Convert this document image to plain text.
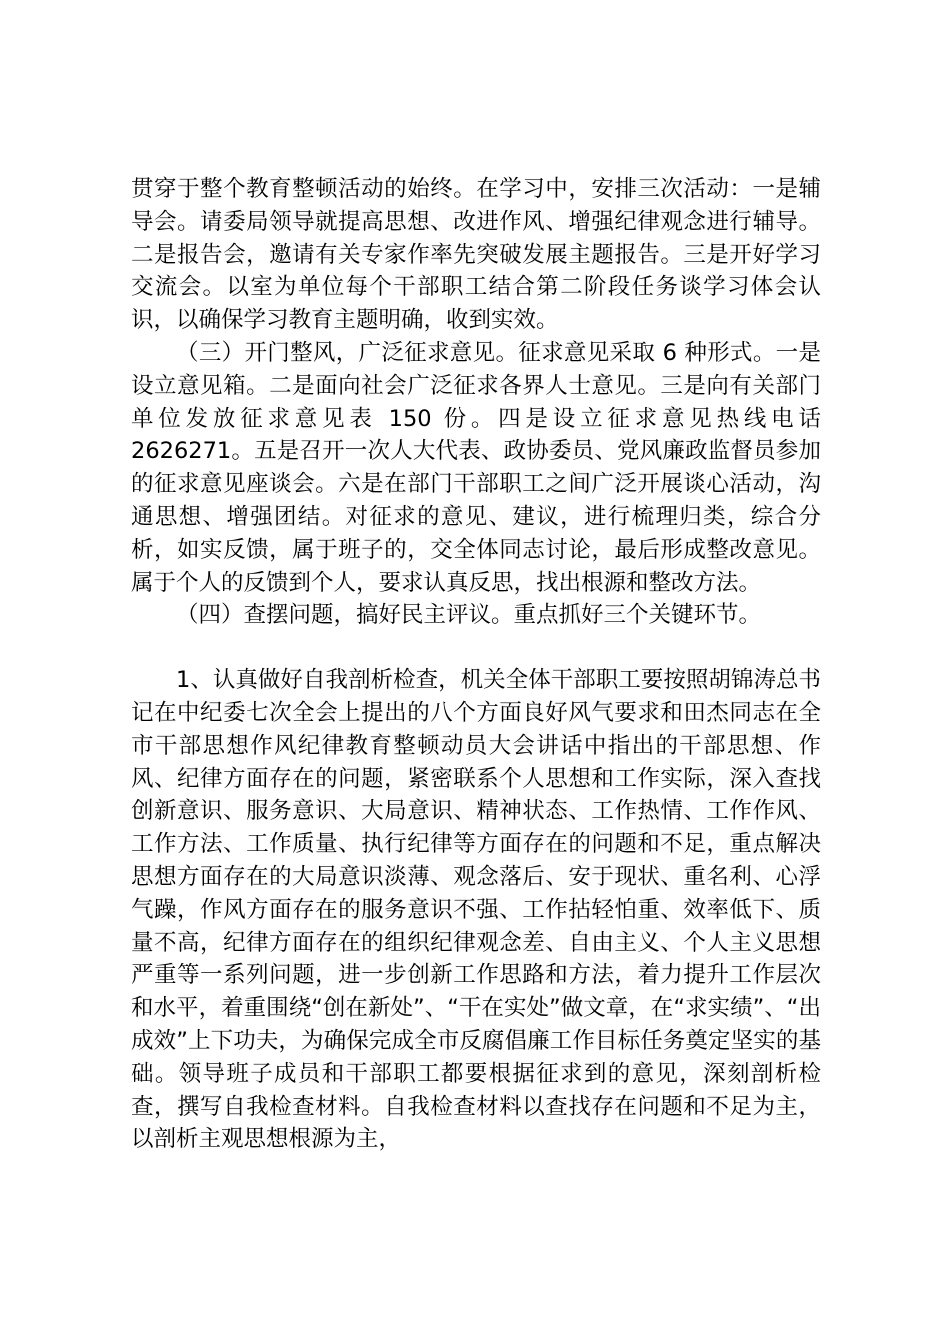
贯穿于整个教育整顿活动的始终。在学习中，安排三次活动：一是辅导会。请委局领导就提高思想、改进作风、增强纪律观念进行辅导。二是报告会，邀请有关专家作率先突破发展主题报告。三是开好学习交流会。以室为单位每个干部职工结合第二阶段任务谈学习体会认识，以确保学习教育主题明确，收到实效。

（三）开门整风，广泛征求意见。征求意见采取 6 种形式。一是设立意见箱。二是面向社会广泛征求各界人士意见。三是向有关部门单位发放征求意见表 150 份。四是设立征求意见热线电话 2626271。五是召开一次人大代表、政协委员、党风廉政监督员参加的征求意见座谈会。六是在部门干部职工之间广泛开展谈心活动，沟通思想、增强团结。对征求的意见、建议，进行梳理归类，综合分析，如实反馈，属于班子的，交全体同志讨论，最后形成整改意见。属于个人的反馈到个人，要求认真反思，找出根源和整改方法。

（四）查摆问题，搞好民主评议。重点抓好三个关键环节。

1、认真做好自我剖析检查，机关全体干部职工要按照胡锦涛总书记在中纪委七次全会上提出的八个方面良好风气要求和田杰同志在全市干部思想作风纪律教育整顿动员大会讲话中指出的干部思想、作风、纪律方面存在的问题，紧密联系个人思想和工作实际，深入查找创新意识、服务意识、大局意识、精神状态、工作热情、工作作风、工作方法、工作质量、执行纪律等方面存在的问题和不足，重点解决思想方面存在的大局意识淡薄、观念落后、安于现状、重名利、心浮气躁，作风方面存在的服务意识不强、工作拈轻怕重、效率低下、质量不高，纪律方面存在的组织纪律观念差、自由主义、个人主义思想严重等一系列问题，进一步创新工作思路和方法，着力提升工作层次和水平，着重围绕“创在新处”、“干在实处”做文章，在“求实绩”、“出成效”上下功夫，为确保完成全市反腐倡廉工作目标任务奠定坚实的基础。领导班子成员和干部职工都要根据征求到的意见，深刻剖析检查，撰写自我检查材料。自我检查材料以查找存在问题和不足为主，以剖析主观思想根源为主，
